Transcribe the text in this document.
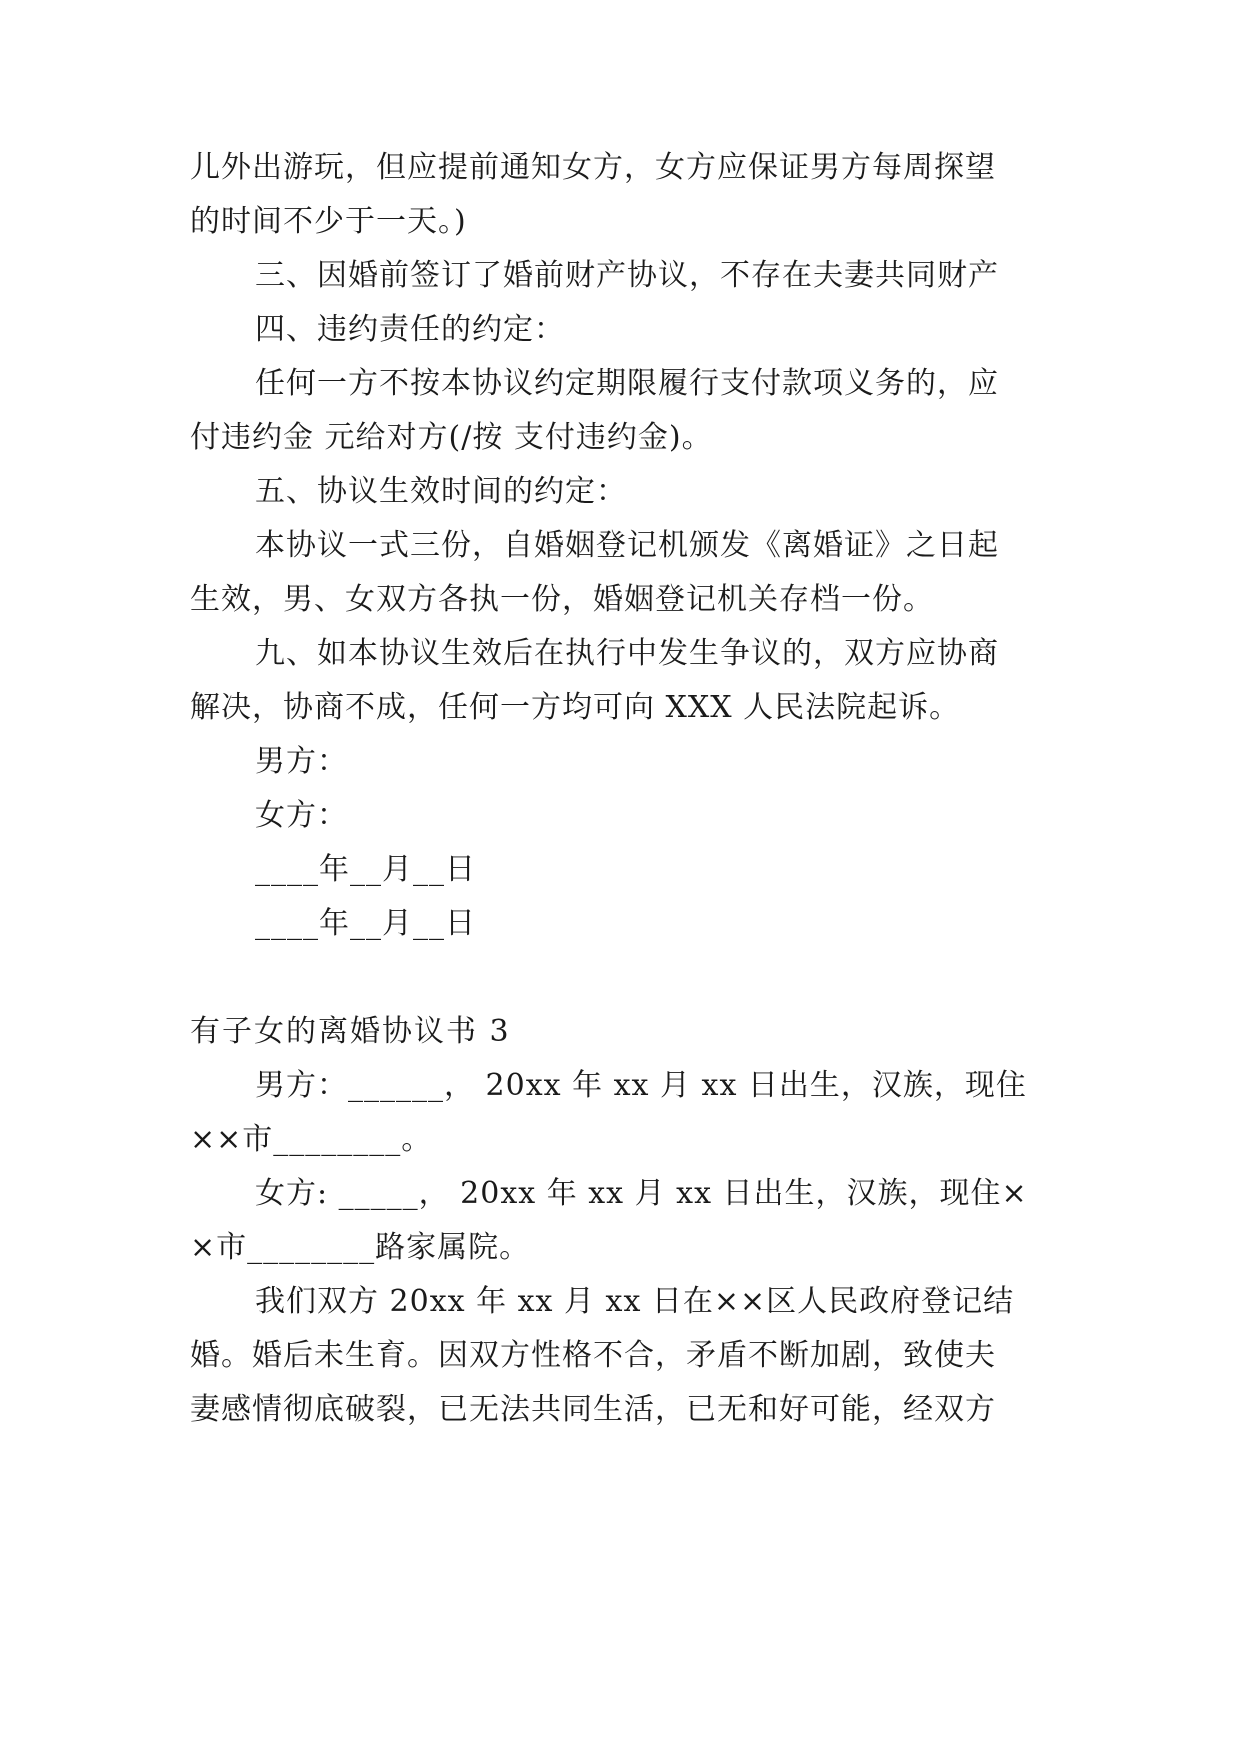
儿外出游玩，但应提前通知女方，女方应保证男方每周探望
的时间不少于一天。)
三、因婚前签订了婚前财产协议，不存在夫妻共同财产
四、违约责任的约定：
任何一方不按本协议约定期限履行支付款项义务的，应
付违约金 元给对方(/按 支付违约金)。
五、协议生效时间的约定：
本协议一式三份，自婚姻登记机颁发《离婚证》之日起
生效，男、女双方各执一份，婚姻登记机关存档一份。
九、如本协议生效后在执行中发生争议的，双方应协商
解决，协商不成，任何一方均可向 XXX 人民法院起诉。
男方：
女方：
____年__月__日
____年__月__日
有子女的离婚协议书 3
男方：______， 20xx 年 xx 月 xx 日出生，汉族，现住
××市________。
女方: _____， 20xx 年 xx 月 xx 日出生，汉族，现住×
×市________路家属院。
我们双方 20xx 年 xx 月 xx 日在××区人民政府登记结
婚。婚后未生育。因双方性格不合，矛盾不断加剧，致使夫
妻感情彻底破裂，已无法共同生活，已无和好可能，经双方
